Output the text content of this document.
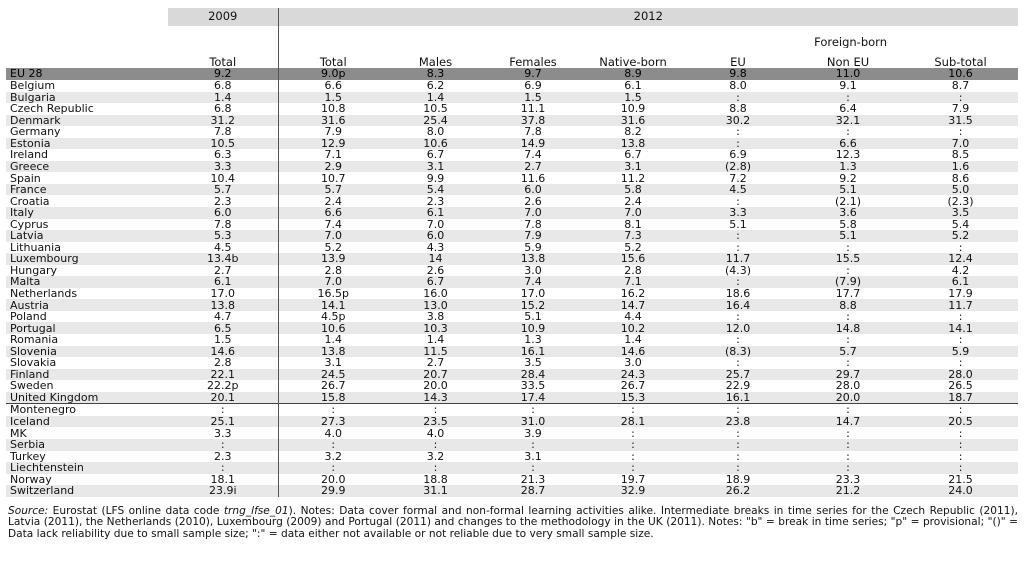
	2009	2012						
	Total	Total	Males	Females	Native-born	Foreign-born		
						EU	Non EU	Sub-total
EU 28	9.2	9.0p	8.3	9.7	8.9	9.8	11.0	10.6
Belgium	6.8	6.6	6.2	6.9	6.1	8.0	9.1	8.7
Bulgaria	1.4	1.5	1.4	1.5	1.5	:	:	:
Czech Republic	6.8	10.8	10.5	11.1	10.9	8.8	6.4	7.9
Denmark	31.2	31.6	25.4	37.8	31.6	30.2	32.1	31.5
Germany	7.8	7.9	8.0	7.8	8.2	:	:	:
Estonia	10.5	12.9	10.6	14.9	13.8	:	6.6	7.0
Ireland	6.3	7.1	6.7	7.4	6.7	6.9	12.3	8.5
Greece	3.3	2.9	3.1	2.7	3.1	(2.8)	1.3	1.6
Spain	10.4	10.7	9.9	11.6	11.2	7.2	9.2	8.6
France	5.7	5.7	5.4	6.0	5.8	4.5	5.1	5.0
Croatia	2.3	2.4	2.3	2.6	2.4	:	(2.1)	(2.3)
Italy	6.0	6.6	6.1	7.0	7.0	3.3	3.6	3.5
Cyprus	7.8	7.4	7.0	7.8	8.1	5.1	5.8	5.4
Latvia	5.3	7.0	6.0	7.9	7.3	:	5.1	5.2
Lithuania	4.5	5.2	4.3	5.9	5.2	:	:	:
Luxembourg	13.4b	13.9	14	13.8	15.6	11.7	15.5	12.4
Hungary	2.7	2.8	2.6	3.0	2.8	(4.3)	:	4.2
Malta	6.1	7.0	6.7	7.4	7.1	:	(7.9)	6.1
Netherlands	17.0	16.5p	16.0	17.0	16.2	18.6	17.7	17.9
Austria	13.8	14.1	13.0	15.2	14.7	16.4	8.8	11.7
Poland	4.7	4.5p	3.8	5.1	4.4	:	:	:
Portugal	6.5	10.6	10.3	10.9	10.2	12.0	14.8	14.1
Romania	1.5	1.4	1.4	1.3	1.4	:	:	:
Slovenia	14.6	13.8	11.5	16.1	14.6	(8.3)	5.7	5.9
Slovakia	2.8	3.1	2.7	3.5	3.0	:	:	:
Finland	22.1	24.5	20.7	28.4	24.3	25.7	29.7	28.0
Sweden	22.2p	26.7	20.0	33.5	26.7	22.9	28.0	26.5
United Kingdom	20.1	15.8	14.3	17.4	15.3	16.1	20.0	18.7
Montenegro	:	:	:	:	:	:	:	:
Iceland	25.1	27.3	23.5	31.0	28.1	23.8	14.7	20.5
MK	3.3	4.0	4.0	3.9	:	:	:	:
Serbia	:	:	:	:	:	:	:	:
Turkey	2.3	3.2	3.2	3.1	:	:	:	:
Liechtenstein	:	:	:	:	:	:	:	:
Norway	18.1	20.0	18.8	21.3	19.7	18.9	23.3	21.5
Switzerland	23.9i	29.9	31.1	28.7	32.9	26.2	21.2	24.0
Source: Eurostat (LFS online data code trng_lfse_01). Notes: Data cover formal and non-formal learning activities alike. Intermediate breaks in time series for the Czech Republic (2011), Latvia (2011), the Netherlands (2010), Luxembourg (2009) and Portugal (2011) and changes to the methodology in the UK (2011). Notes: "b" = break in time series; "p" = provisional; "()" = Data lack reliability due to small sample size; ":" = data either not available or not reliable due to very small sample size.
